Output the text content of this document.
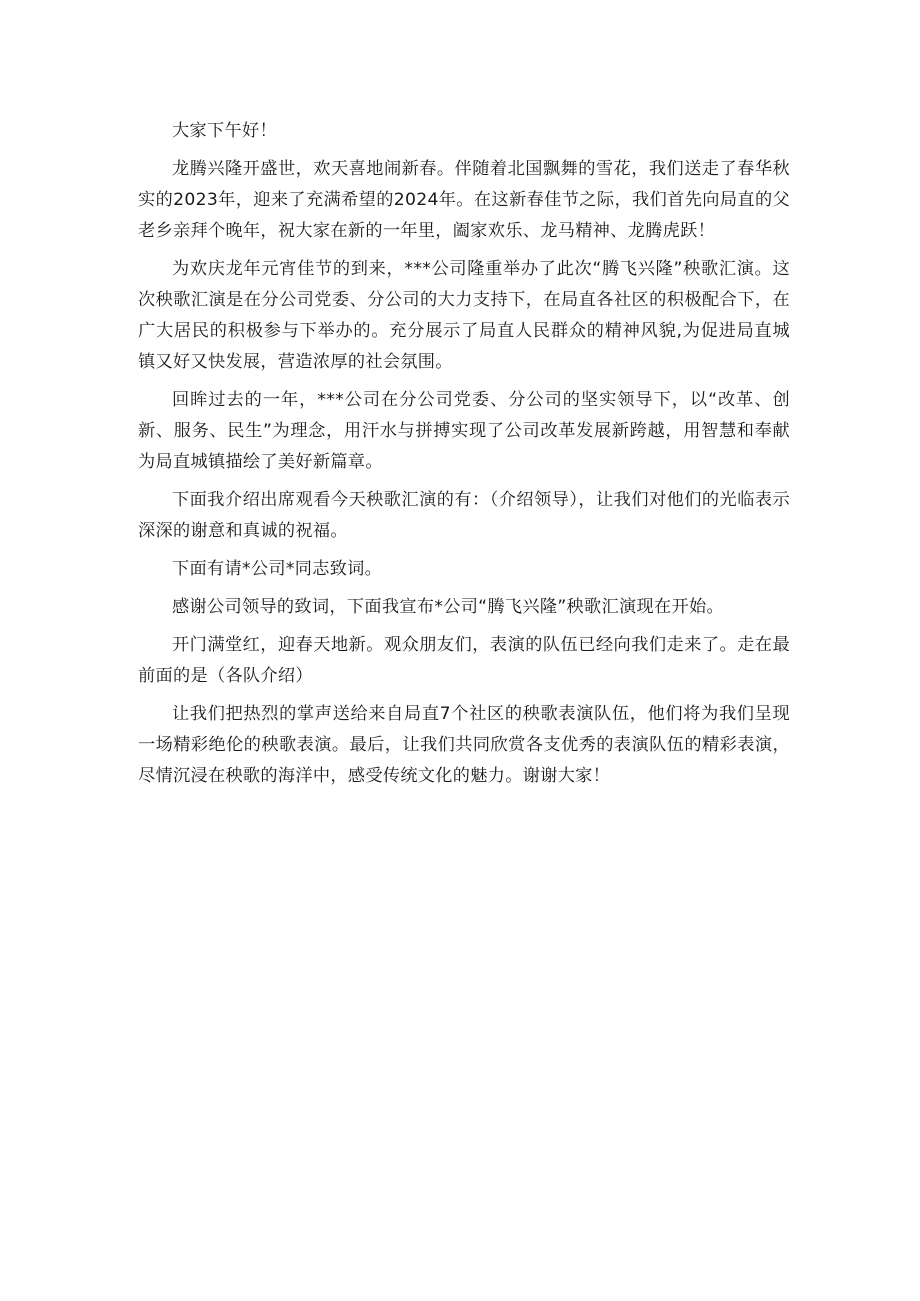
大家下午好！

龙腾兴隆开盛世，欢天喜地闹新春。伴随着北国飘舞的雪花，我们送走了春华秋实的2023年，迎来了充满希望的2024年。在这新春佳节之际，我们首先向局直的父老乡亲拜个晚年，祝大家在新的一年里，阖家欢乐、龙马精神、龙腾虎跃！

为欢庆龙年元宵佳节的到来，***公司隆重举办了此次“腾飞兴隆”秧歌汇演。这次秧歌汇演是在分公司党委、分公司的大力支持下，在局直各社区的积极配合下，在广大居民的积极参与下举办的。充分展示了局直人民群众的精神风貌,为促进局直城镇又好又快发展，营造浓厚的社会氛围。

回眸过去的一年，***公司在分公司党委、分公司的坚实领导下，以“改革、创新、服务、民生”为理念，用汗水与拼搏实现了公司改革发展新跨越，用智慧和奉献为局直城镇描绘了美好新篇章。

下面我介绍出席观看今天秧歌汇演的有：（介绍领导），让我们对他们的光临表示深深的谢意和真诚的祝福。

下面有请*公司*同志致词。

感谢公司领导的致词，下面我宣布*公司“腾飞兴隆”秧歌汇演现在开始。

开门满堂红，迎春天地新。观众朋友们，表演的队伍已经向我们走来了。走在最前面的是（各队介绍）

让我们把热烈的掌声送给来自局直7个社区的秧歌表演队伍，他们将为我们呈现一场精彩绝伦的秧歌表演。最后，让我们共同欣赏各支优秀的表演队伍的精彩表演，尽情沉浸在秧歌的海洋中，感受传统文化的魅力。谢谢大家！
